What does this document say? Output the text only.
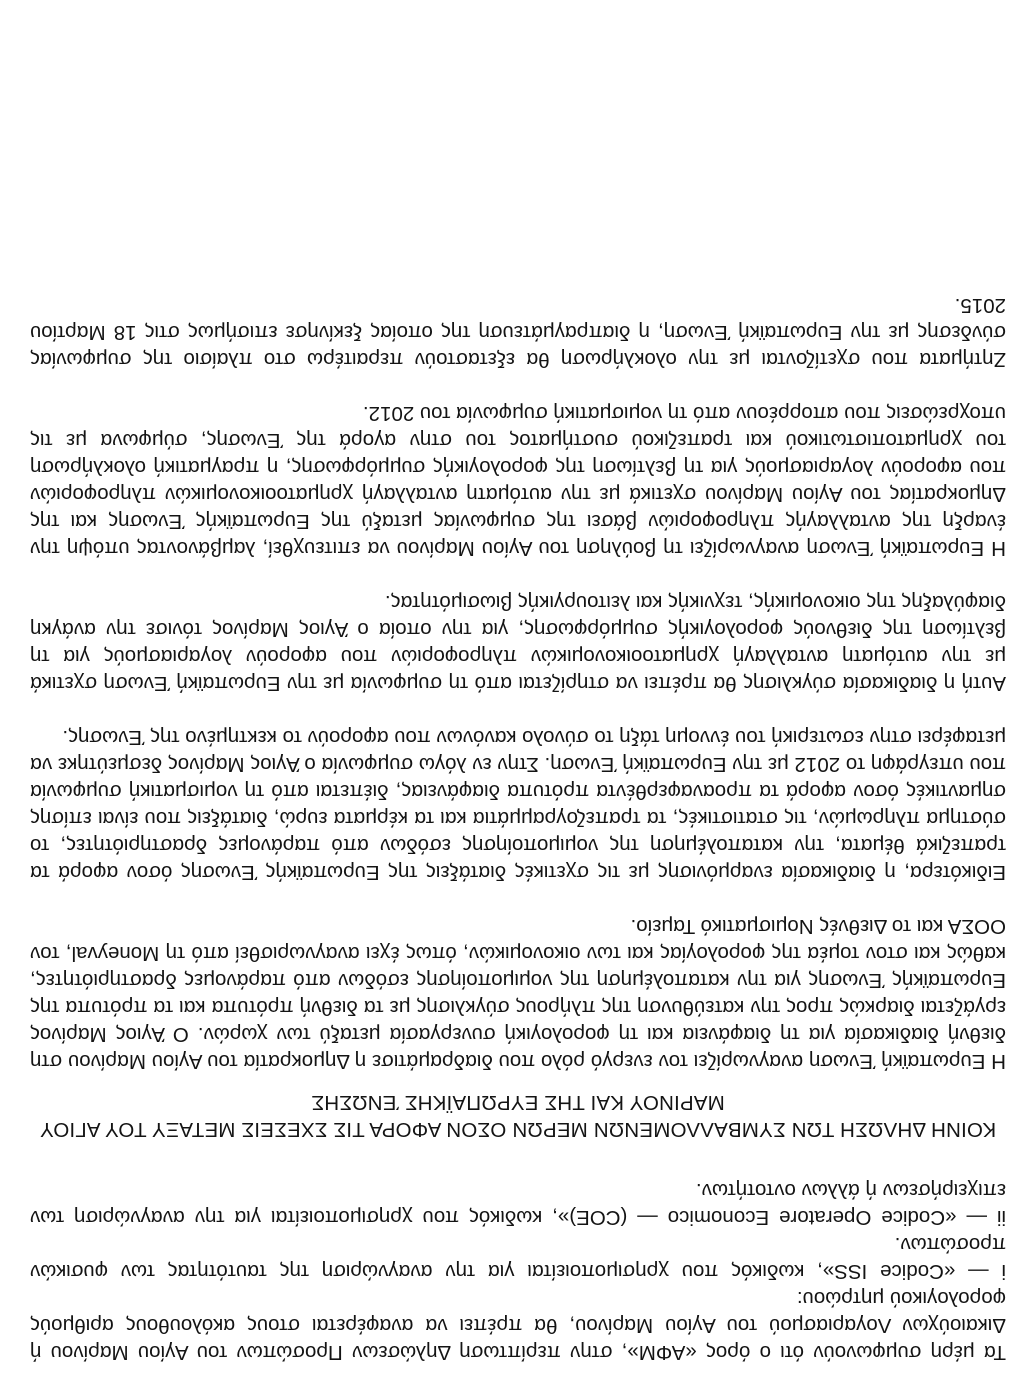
Τα μέρη συμφωνούν ότι ο όρος «ΑΦΜ», στην περίπτωση Δηλώσεων Προσώπων του Αγίου Μαρίνου ή Δικαιούχων Λογαριασμού του Αγίου Μαρίνου, θα πρέπει να αναφέρεται στους ακόλουθους αριθμούς φορολογικού μητρώου:

i — «Codice ISS», κωδικός που χρησιμοποιείται για την αναγνώριση της ταυτότητας των φυσικών προσώπων.
ii — «Codice Operatore Economico — (COE)», κωδικός που χρησιμοποιείται για την αναγνώριση των επιχειρήσεων ή άλλων οντοτήτων.
ΚΟΙΝΗ ΔΗΛΩΣΗ ΤΩΝ ΣΥΜΒΑΛΛΟΜΕΝΩΝ ΜΕΡΩΝ ΟΣΟΝ ΑΦΟΡΑ ΤΙΣ ΣΧΕΣΕΙΣ ΜΕΤΑΞΥ ΤΟΥ ΑΓΙΟΥ
ΜΑΡΙΝΟΥ ΚΑΙ ΤΗΣ ΕΥΡΩΠΑΪΚΗΣ ΈΝΩΣΗΣ

Η Ευρωπαϊκή Ένωση αναγνωρίζει τον ενεργό ρόλο που διαδραμάτισε η Δημοκρατία του Αγίου Μαρίνου στη διεθνή διαδικασία για τη διαφάνεια και τη φορολογική συνεργασία μεταξύ των χωρών. Ο Άγιος Μαρίνος εργάζεται διαρκώς προς την κατεύθυνση της πλήρους σύγκλισης με τα διεθνή πρότυπα και τα πρότυπα της Ευρωπαϊκής Ένωσης για την καταπολέμηση της νομιμοποίησης εσόδων από παράνομες δραστηριότητες, καθώς και στον τομέα της φορολογίας και των οικονομικών, όπως έχει αναγνωρισθεί από τη Moneyval, τον ΟΟΣΑ και το Διεθνές Νομισματικό Ταμείο.

Ειδικότερα, η διαδικασία εναρμόνισης με τις σχετικές διατάξεις της Ευρωπαϊκής Ένωσης όσον αφορά τα τραπεζικά θέματα, την καταπολέμηση της νομιμοποίησης εσόδων από παράνομες δραστηριότητες, το σύστημα πληρωμών, τις στατιστικές, τα τραπεζογραμμάτια και τα κέρματα ευρώ, διατάξεις που είναι επίσης σημαντικές όσον αφορά τα προαναφερθέντα πρότυπα διαφάνειας, διέπεται από τη νομισματική συμφωνία που υπεγράφη το 2012 με την Ευρωπαϊκή Ένωση. Στην εν λόγω συμφωνία ο Άγιος Μαρίνος δεσμεύτηκε να μεταφέρει στην εσωτερική του έννομη τάξη το σύνολο κανόνων που αφορούν το κεκτημένο της Ένωσης.

Αυτή η διαδικασία σύγκλισης θα πρέπει να στηρίζεται από τη συμφωνία με την Ευρωπαϊκή Ένωση σχετικά με την αυτόματη ανταλλαγή χρηματοοικονομικών πληροφοριών που αφορούν λογαριασμούς για τη βελτίωση της διεθνούς φορολογικής συμμόρφωσης, για την οποία ο Άγιος Μαρίνος τόνισε την ανάγκη διαφύλαξης της οικονομικής, τεχνικής και λειτουργικής βιωσιμότητας.

Η Ευρωπαϊκή Ένωση αναγνωρίζει τη βούληση του Αγίου Μαρίνου να επιτευχθεί, λαμβάνοντας υπόψη την έναρξη της ανταλλαγής πληροφοριών βάσει της συμφωνίας μεταξύ της Ευρωπαϊκής Ένωσης και της Δημοκρατίας του Αγίου Μαρίνου σχετικά με την αυτόματη ανταλλαγή χρηματοοικονομικών πληροφοριών που αφορούν λογαριασμούς για τη βελτίωση της φορολογικής συμμόρφωσης, η πραγματική ολοκλήρωση του χρηματοπιστωτικού και τραπεζικού συστήματος του στην αγορά της Ένωσης, σύμφωνα με τις υποχρεώσεις που απορρέουν από τη νομισματική συμφωνία του 2012.

Ζητήματα που σχετίζονται με την ολοκλήρωση θα εξεταστούν περαιτέρω στο πλαίσιο της συμφωνίας σύνδεσης με την Ευρωπαϊκή Ένωση, η διαπραγμάτευση της οποίας ξεκίνησε επισήμως στις 18 Μαρτίου 2015.
